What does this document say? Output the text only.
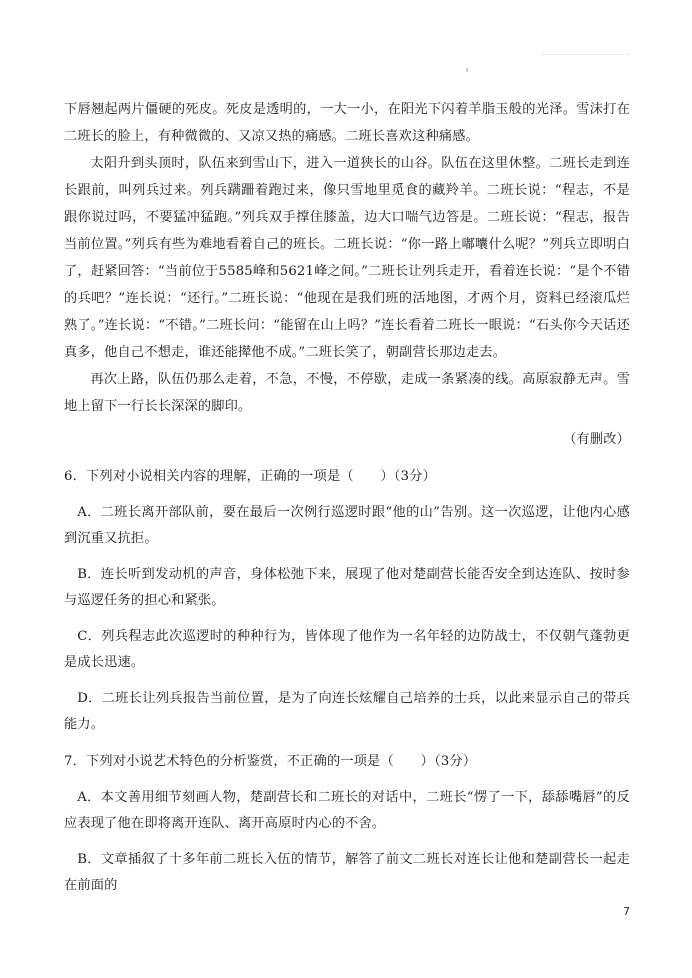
下唇翘起两片僵硬的死皮。死皮是透明的，一大一小，在阳光下闪着羊脂玉般的光泽。雪沫打在二班长的脸上，有种微微的、又凉又热的痛感。二班长喜欢这种痛感。

太阳升到头顶时，队伍来到雪山下，进入一道狭长的山谷。队伍在这里休整。二班长走到连长跟前，叫列兵过来。列兵蹒跚着跑过来，像只雪地里觅食的藏羚羊。二班长说：“程志，不是跟你说过吗，不要猛冲猛跑。”列兵双手撑住膝盖，边大口喘气边答是。二班长说：“程志，报告当前位置。”列兵有些为难地看着自己的班长。二班长说：“你一路上嘟囔什么呢？”列兵立即明白了，赶紧回答：“当前位于5585峰和5621峰之间。”二班长让列兵走开，看着连长说：“是个不错的兵吧？”连长说：“还行。”二班长说：“他现在是我们班的活地图，才两个月，资料已经滚瓜烂熟了。”连长说：“不错。”二班长问：“能留在山上吗？”连长看着二班长一眼说：“石头你今天话还真多，他自己不想走，谁还能撵他不成。”二班长笑了，朝副营长那边走去。

再次上路，队伍仍那么走着，不急，不慢，不停歇，走成一条紧凑的线。高原寂静无声。雪地上留下一行长长深深的脚印。

（有删改）

6．下列对小说相关内容的理解，正确的一项是（　　）（3分）

A．二班长离开部队前，要在最后一次例行巡逻时跟“他的山”告别。这一次巡逻，让他内心感到沉重又抗拒。

B．连长听到发动机的声音，身体松弛下来，展现了他对楚副营长能否安全到达连队、按时参与巡逻任务的担心和紧张。

C．列兵程志此次巡逻时的种种行为，皆体现了他作为一名年轻的边防战士，不仅朝气蓬勃更是成长迅速。

D．二班长让列兵报告当前位置，是为了向连长炫耀自己培养的士兵，以此来显示自己的带兵能力。

7．下列对小说艺术特色的分析鉴赏，不正确的一项是（　　）（3分）

A．本文善用细节刻画人物，楚副营长和二班长的对话中，二班长“愣了一下，舔舔嘴唇”的反应表现了他在即将离开连队、离开高原时内心的不舍。

B．文章插叙了十多年前二班长入伍的情节，解答了前文二班长对连长让他和楚副营长一起走在前面的

7
